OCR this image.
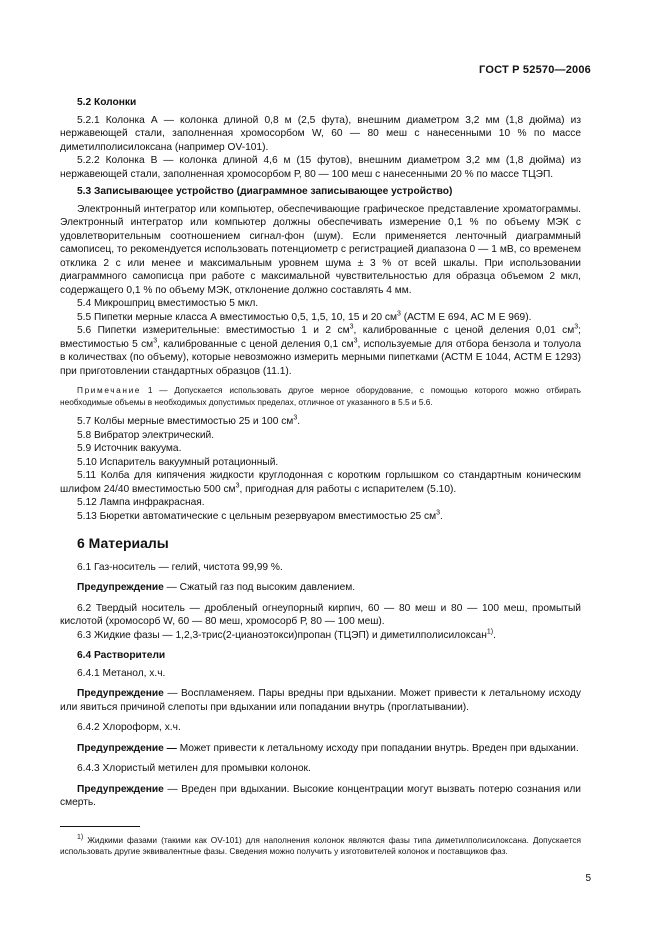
ГОСТ Р 52570—2006

5.2 Колонки

5.2.1 Колонка А — колонка длиной 0,8 м (2,5 фута), внешним диаметром 3,2 мм (1,8 дюйма) из нержавеющей стали, заполненная хромосорбом W, 60 — 80 меш с нанесенными 10 % по массе диметилполисилоксана (например OV-101).

5.2.2 Колонка В — колонка длиной 4,6 м (15 футов), внешним диаметром 3,2 мм (1,8 дюйма) из нержавеющей стали, заполненная хромосорбом Р, 80 — 100 меш с нанесенными 20 % по массе ТЦЭП.

5.3 Записывающее устройство (диаграммное записывающее устройство)

Электронный интегратор или компьютер, обеспечивающие графическое представление хроматограммы. Электронный интегратор или компьютер должны обеспечивать измерение 0,1 % по объему МЭК с удовлетворительным соотношением сигнал-фон (шум). Если применяется ленточный диаграммный самописец, то рекомендуется использовать потенциометр с регистрацией диапазона 0 — 1 мВ, со временем отклика 2 с или менее и максимальным уровнем шума ± 3 % от всей шкалы. При использовании диаграммного самописца при работе с максимальной чувствительностью для образца объемом 2 мкл, содержащего 0,1 % по объему МЭК, отклонение должно составлять 4 мм.

5.4 Микрошприц вместимостью 5 мкл.

5.5 Пипетки мерные класса А вместимостью 0,5, 1,5, 10, 15 и 20 $см^3$ (АСТМ Е 694, АС М Е 969).

5.6 Пипетки измерительные: вместимостью 1 и 2 $см^3$, калиброванные с ценой деления 0,01 $см^3$; вместимостью 5 $см^3$, калиброванные с ценой деления 0,1 $см^3$, используемые для отбора бензола и толуола в количествах (по объему), которые невозможно измерить мерными пипетками (АСТМ Е 1044, АСТМ Е 1293) при приготовлении стандартных образцов (11.1).

Примечание 1 — Допускается использовать другое мерное оборудование, с помощью которого можно отбирать необходимые объемы в необходимых допустимых пределах, отличное от указанного в 5.5 и 5.6.

5.7 Колбы мерные вместимостью 25 и 100 $см^3$.

5.8 Вибратор электрический.

5.9 Источник вакуума.

5.10 Испаритель вакуумный ротационный.

5.11 Колба для кипячения жидкости круглодонная с коротким горлышком со стандартным коническим шлифом 24/40 вместимостью 500 $см^3$, пригодная для работы с испарителем (5.10).

5.12 Лампа инфракрасная.

5.13 Бюретки автоматические с цельным резервуаром вместимостью 25 $см^3$.

6 Материалы

6.1 Газ-носитель — гелий, чистота 99,99 %.

Предупреждение — Сжатый газ под высоким давлением.

6.2 Твердый носитель — дробленый огнеупорный кирпич, 60 — 80 меш и 80 — 100 меш, промытый кислотой (хромосорб W, 60 — 80 меш, хромосорб Р, 80 — 100 меш).

6.3 Жидкие фазы — 1,2,3-трис(2-цианоэтокси)пропан (ТЦЭП) и диметилполисилоксан$^{1)}$.

6.4 Растворители

6.4.1 Метанол, х.ч.

Предупреждение — Воспламеняем. Пары вредны при вдыхании. Может привести к летальному исходу или явиться причиной слепоты при вдыхании или попадании внутрь (проглатывании).

6.4.2 Хлороформ, х.ч.

Предупреждение — Может привести к летальному исходу при попадании внутрь. Вреден при вдыхании.

6.4.3 Хлористый метилен для промывки колонок.

Предупреждение — Вреден при вдыхании. Высокие концентрации могут вызвать потерю сознания или смерть.

$^{1)}$ Жидкими фазами (такими как OV-101) для наполнения колонок являются фазы типа диметилполисилоксана. Допускается использовать другие эквивалентные фазы. Сведения можно получить у изготовителей колонок и поставщиков фаз.

5
